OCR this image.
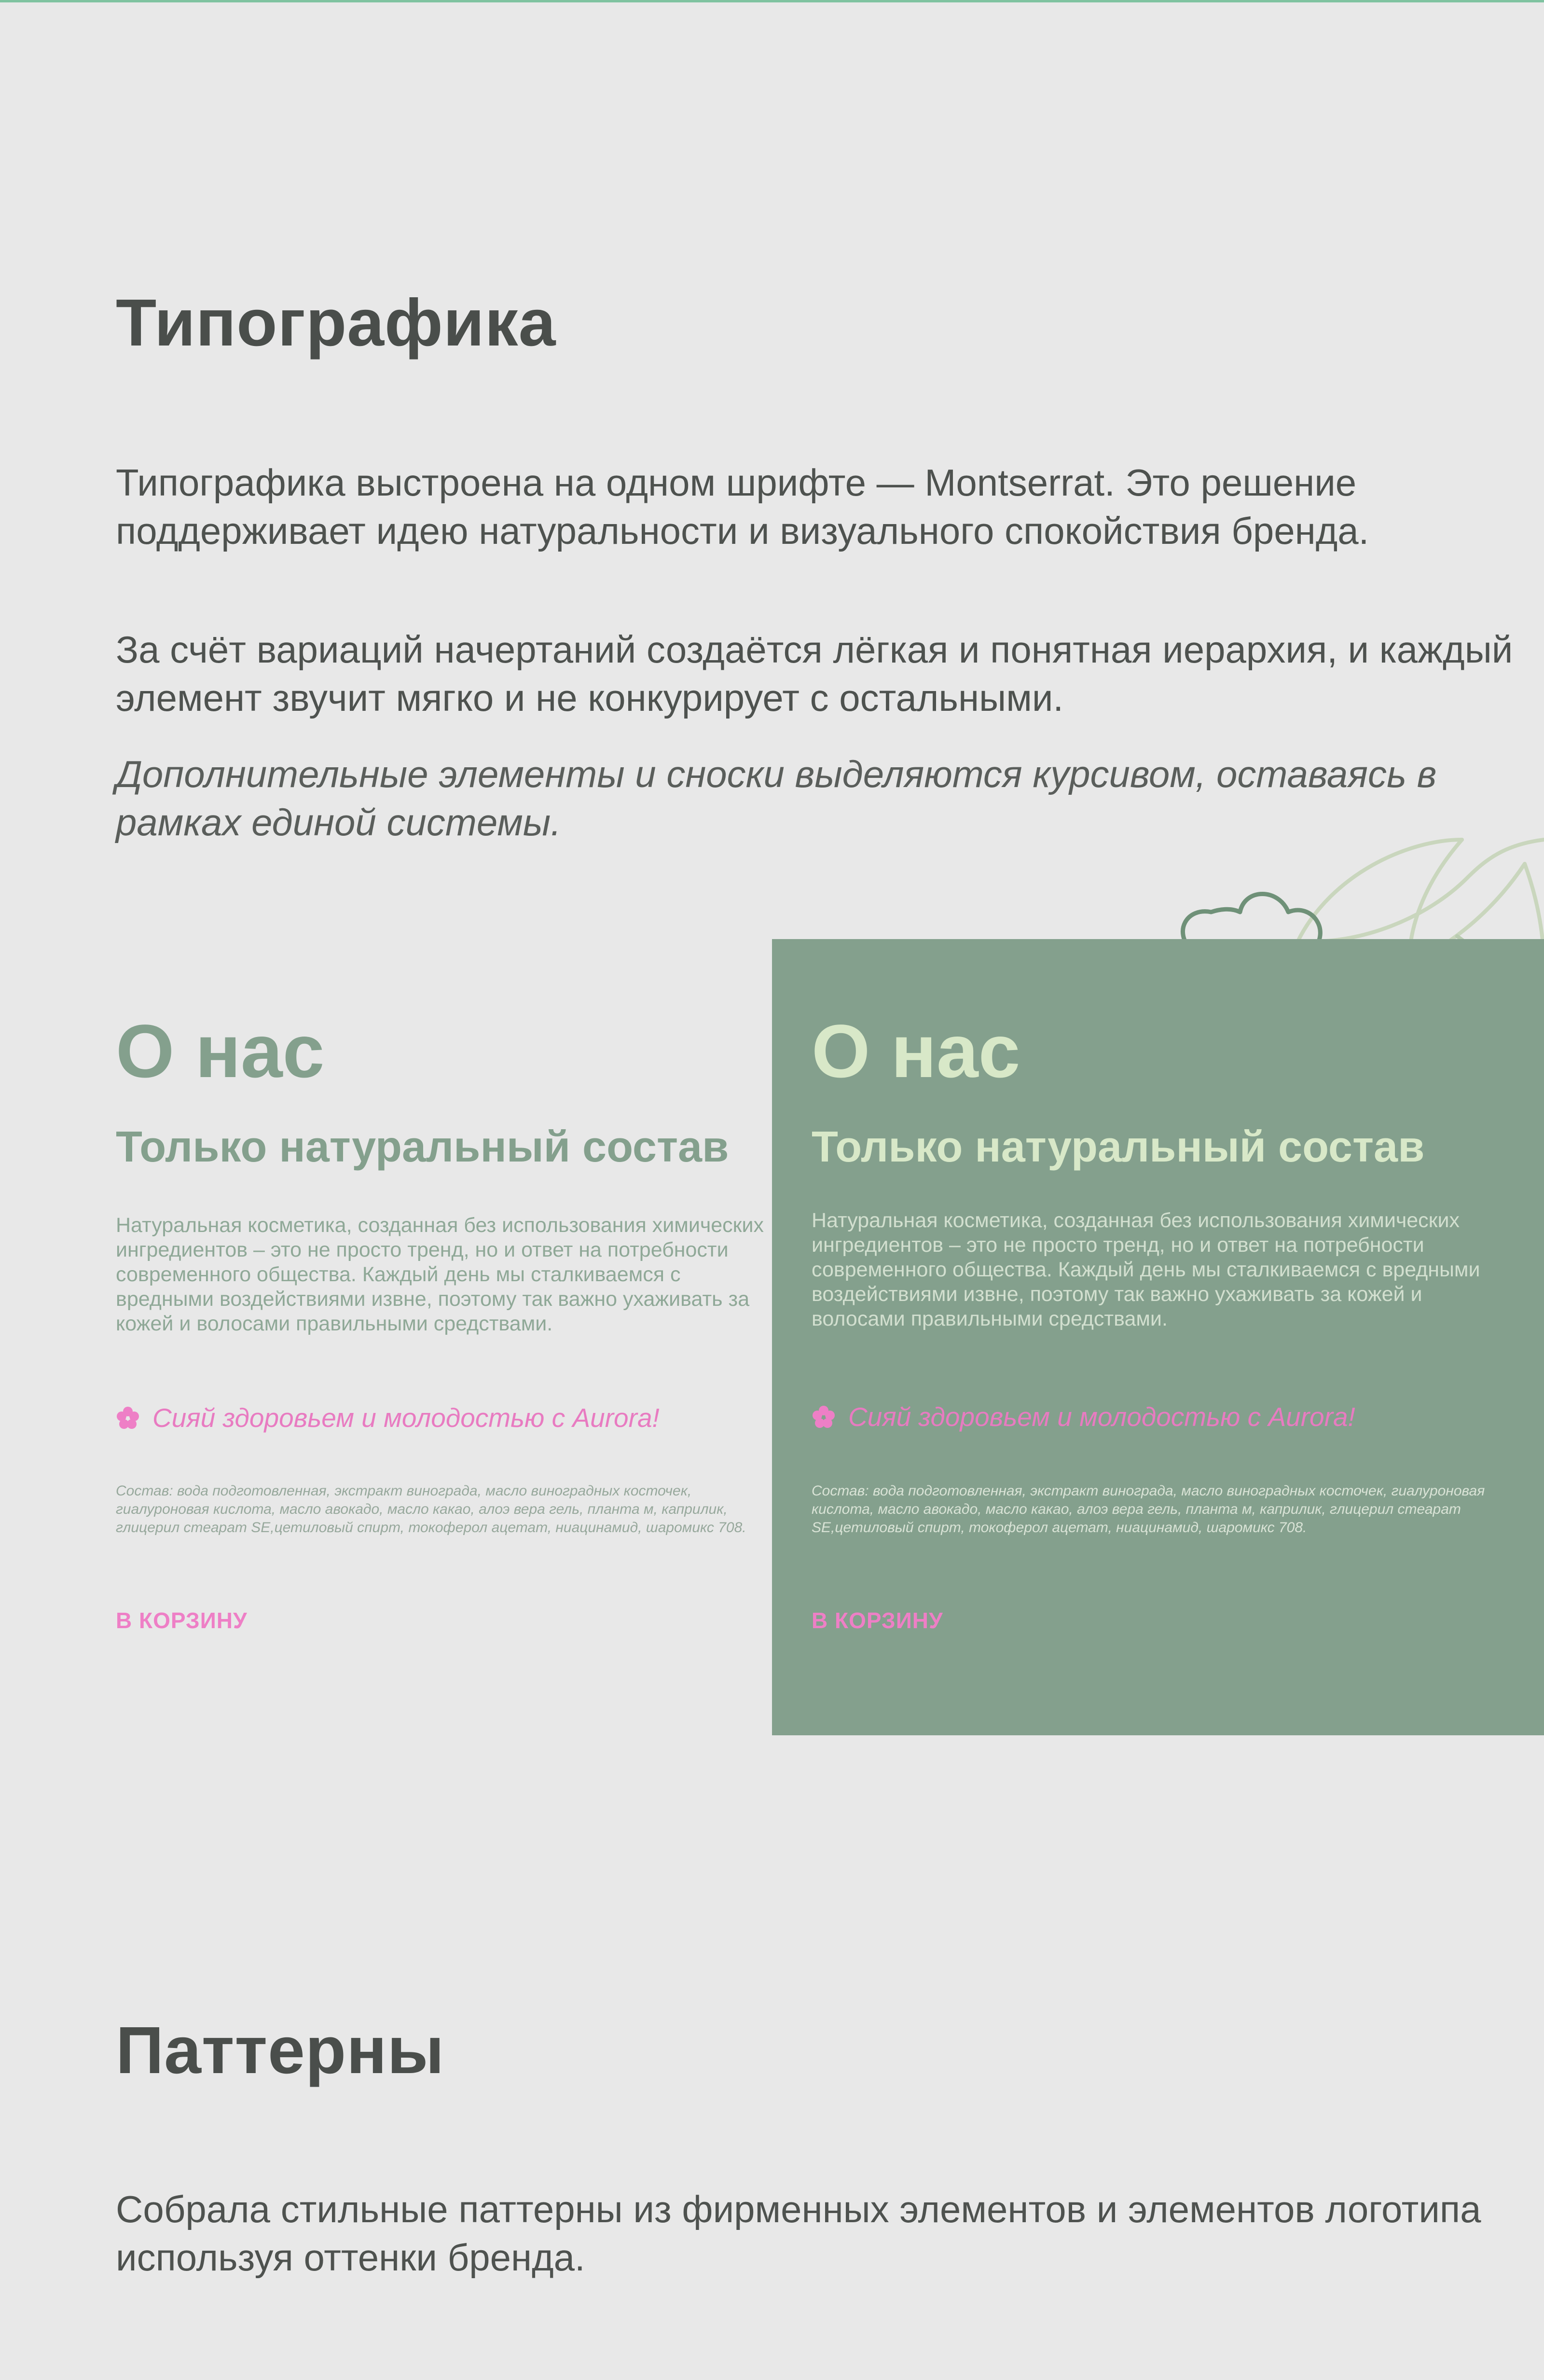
Типографика

Типографика выстроена на одном шрифте — Montserrat. Это решение поддерживает идею натуральности и визуального спокойствия бренда.

За счёт вариаций начертаний создаётся лёгкая и понятная иерархия, и каждый элемент звучит мягко и не конкурирует с остальными.

Дополнительные элементы и сноски выделяются курсивом, оставаясь в рамках единой системы.

О нас
Только натуральный состав

Натуральная косметика, созданная без использования химических ингредиентов – это не просто тренд, но и ответ на потребности современного общества. Каждый день мы сталкиваемся с вредными воздействиями извне, поэтому так важно ухаживать за кожей и волосами правильными средствами.

Сияй здоровьем и молодостью с Aurora!

Состав: вода подготовленная, экстракт винограда, масло виноградных косточек, гиалуроновая кислота, масло авокадо, масло какао, алоэ вера гель, планта м, каприлик, глицерил стеарат SE,цетиловый спирт, токоферол ацетат, ниацинамид, шаромикс 708.

В КОРЗИНУ
О нас
Только натуральный состав

Натуральная косметика, созданная без использования химических ингредиентов – это не просто тренд, но и ответ на потребности современного общества. Каждый день мы сталкиваемся с вредными воздействиями извне, поэтому так важно ухаживать за кожей и волосами правильными средствами.

Сияй здоровьем и молодостью с Aurora!

Состав: вода подготовленная, экстракт винограда, масло виноградных косточек, гиалуроновая кислота, масло авокадо, масло какао, алоэ вера гель, планта м, каприлик, глицерил стеарат SE,цетиловый спирт, токоферол ацетат, ниацинамид, шаромикс 708.

В КОРЗИНУ
Паттерны

Собрала стильные паттерны из фирменных элементов и элементов логотипа используя оттенки бренда.
